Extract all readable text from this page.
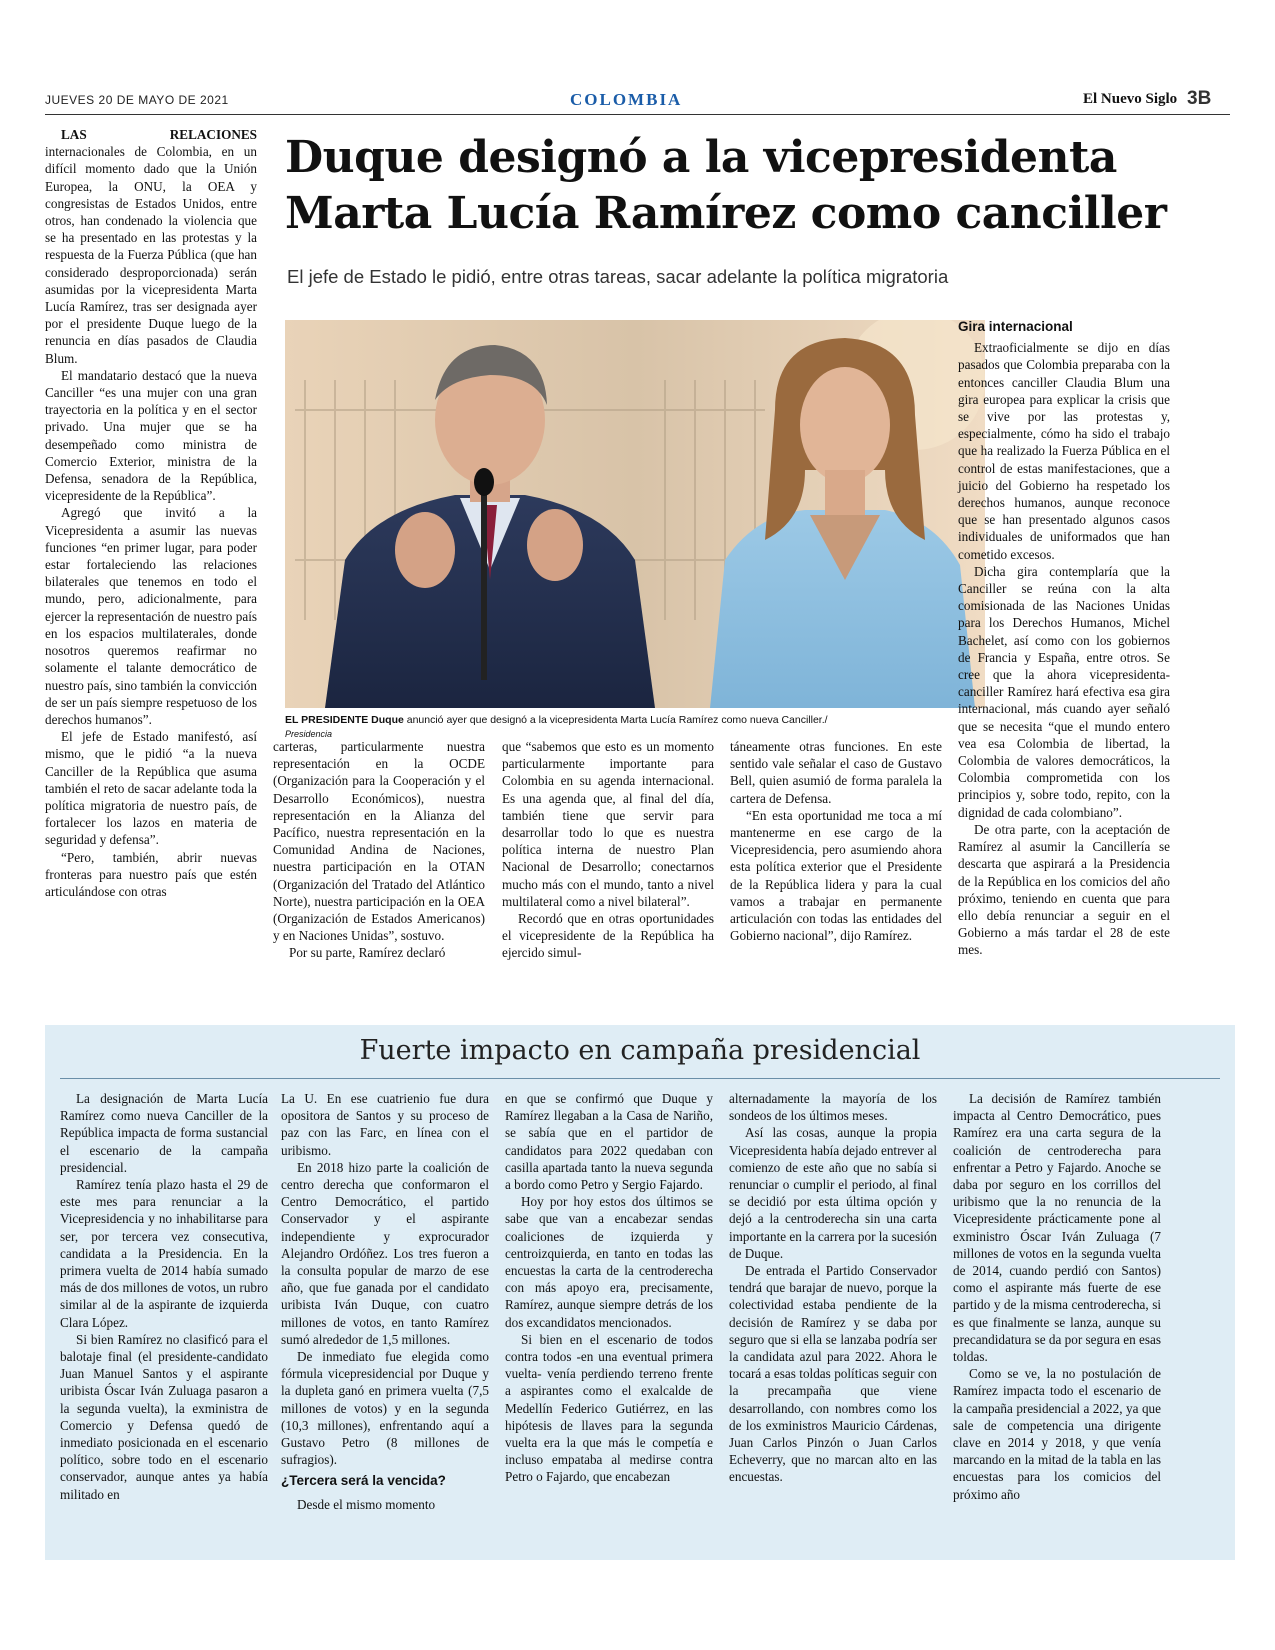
JUEVES 20 DE MAYO DE 2021	COLOMBIA	El Nuevo Siglo 3B

LAS RELACIONES internacionales de Colombia, en un difícil momento dado que la Unión Europea, la ONU, la OEA y congresistas de Estados Unidos, entre otros, han condenado la violencia que se ha presentado en las protestas y la respuesta de la Fuerza Pública (que han considerado desproporcionada) serán asumidas por la vicepresidenta Marta Lucía Ramírez, tras ser designada ayer por el presidente Duque luego de la renuncia en días pasados de Claudia Blum.

El mandatario destacó que la nueva Canciller “es una mujer con una gran trayectoria en la política y en el sector privado. Una mujer que se ha desempeñado como ministra de Comercio Exterior, ministra de la Defensa, senadora de la República, vicepresidente de la República”.

Agregó que invitó a la Vicepresidenta a asumir las nuevas funciones “en primer lugar, para poder estar fortaleciendo las relaciones bilaterales que tenemos en todo el mundo, pero, adicionalmente, para ejercer la representación de nuestro país en los espacios multilaterales, donde nosotros queremos reafirmar no solamente el talante democrático de nuestro país, sino también la convicción de ser un país siempre respetuoso de los derechos humanos”.

El jefe de Estado manifestó, así mismo, que le pidió “a la nueva Canciller de la República que asuma también el reto de sacar adelante toda la política migratoria de nuestro país, de fortalecer los lazos en materia de seguridad y defensa”.

“Pero, también, abrir nuevas fronteras para nuestro país que estén articulándose con otras

Duque designó a la vicepresidenta
Marta Lucía Ramírez como canciller
El jefe de Estado le pidió, entre otras tareas, sacar adelante la política migratoria
EL PRESIDENTE Duque anunció ayer que designó a la vicepresidenta Marta Lucía Ramírez como nueva Canciller./
Presidencia

carteras, particularmente nuestra representación en la OCDE (Organización para la Cooperación y el Desarrollo Económicos), nuestra representación en la Alianza del Pacífico, nuestra representación en la Comunidad Andina de Naciones, nuestra participación en la OTAN (Organización del Tratado del Atlántico Norte), nuestra participación en la OEA (Organización de Estados Americanos) y en Naciones Unidas”, sostuvo.

Por su parte, Ramírez declaró

que “sabemos que esto es un momento particularmente importante para Colombia en su agenda internacional. Es una agenda que, al final del día, también tiene que servir para desarrollar todo lo que es nuestra política interna de nuestro Plan Nacional de Desarrollo; conectarnos mucho más con el mundo, tanto a nivel multilateral como a nivel bilateral”.

Recordó que en otras oportunidades el vicepresidente de la República ha ejercido simul-

táneamente otras funciones. En este sentido vale señalar el caso de Gustavo Bell, quien asumió de forma paralela la cartera de Defensa.

“En esta oportunidad me toca a mí mantenerme en ese cargo de la Vicepresidencia, pero asumiendo ahora esta política exterior que el Presidente de la República lidera y para la cual vamos a trabajar en permanente articulación con todas las entidades del Gobierno nacional”, dijo Ramírez.

Gira internacional

Extraoficialmente se dijo en días pasados que Colombia preparaba con la entonces canciller Claudia Blum una gira europea para explicar la crisis que se vive por las protestas y, especialmente, cómo ha sido el trabajo que ha realizado la Fuerza Pública en el control de estas manifestaciones, que a juicio del Gobierno ha respetado los derechos humanos, aunque reconoce que se han presentado algunos casos individuales de uniformados que han cometido excesos.

Dicha gira contemplaría que la Canciller se reúna con la alta comisionada de las Naciones Unidas para los Derechos Humanos, Michel Bachelet, así como con los gobiernos de Francia y España, entre otros. Se cree que la ahora vicepresidenta-canciller Ramírez hará efectiva esa gira internacional, más cuando ayer señaló que se necesita “que el mundo entero vea esa Colombia de libertad, la Colombia de valores democráticos, la Colombia comprometida con los principios y, sobre todo, repito, con la dignidad de cada colombiano”.

De otra parte, con la aceptación de Ramírez al asumir la Cancillería se descarta que aspirará a la Presidencia de la República en los comicios del año próximo, teniendo en cuenta que para ello debía renunciar a seguir en el Gobierno a más tardar el 28 de este mes.

Fuerte impacto en campaña presidencial

La designación de Marta Lucía Ramírez como nueva Canciller de la República impacta de forma sustancial el escenario de la campaña presidencial.

Ramírez tenía plazo hasta el 29 de este mes para renunciar a la Vicepresidencia y no inhabilitarse para ser, por tercera vez consecutiva, candidata a la Presidencia. En la primera vuelta de 2014 había sumado más de dos millones de votos, un rubro similar al de la aspirante de izquierda Clara López.

Si bien Ramírez no clasificó para el balotaje final (el presidente-candidato Juan Manuel Santos y el aspirante uribista Óscar Iván Zuluaga pasaron a la segunda vuelta), la exministra de Comercio y Defensa quedó de inmediato posicionada en el escenario político, sobre todo en el escenario conservador, aunque antes ya había militado en

La U. En ese cuatrienio fue dura opositora de Santos y su proceso de paz con las Farc, en línea con el uribismo.

En 2018 hizo parte la coalición de centro derecha que conformaron el Centro Democrático, el partido Conservador y el aspirante independiente y exprocurador Alejandro Ordóñez. Los tres fueron a la consulta popular de marzo de ese año, que fue ganada por el candidato uribista Iván Duque, con cuatro millones de votos, en tanto Ramírez sumó alrededor de 1,5 millones.

De inmediato fue elegida como fórmula vicepresidencial por Duque y la dupleta ganó en primera vuelta (7,5 millones de votos) y en la segunda (10,3 millones), enfrentando aquí a Gustavo Petro (8 millones de sufragios).

¿Tercera será la vencida?

Desde el mismo momento

en que se confirmó que Duque y Ramírez llegaban a la Casa de Nariño, se sabía que en el partidor de candidatos para 2022 quedaban con casilla apartada tanto la nueva segunda a bordo como Petro y Sergio Fajardo.

Hoy por hoy estos dos últimos se sabe que van a encabezar sendas coaliciones de izquierda y centroizquierda, en tanto en todas las encuestas la carta de la centroderecha con más apoyo era, precisamente, Ramírez, aunque siempre detrás de los dos excandidatos mencionados.

Si bien en el escenario de todos contra todos -en una eventual primera vuelta- venía perdiendo terreno frente a aspirantes como el exalcalde de Medellín Federico Gutiérrez, en las hipótesis de llaves para la segunda vuelta era la que más le competía e incluso empataba al medirse contra Petro o Fajardo, que encabezan

alternadamente la mayoría de los sondeos de los últimos meses.

Así las cosas, aunque la propia Vicepresidenta había dejado entrever al comienzo de este año que no sabía si renunciar o cumplir el periodo, al final se decidió por esta última opción y dejó a la centroderecha sin una carta importante en la carrera por la sucesión de Duque.

De entrada el Partido Conservador tendrá que barajar de nuevo, porque la colectividad estaba pendiente de la decisión de Ramírez y se daba por seguro que si ella se lanzaba podría ser la candidata azul para 2022. Ahora le tocará a esas toldas políticas seguir con la precampaña que viene desarrollando, con nombres como los de los exministros Mauricio Cárdenas, Juan Carlos Pinzón o Juan Carlos Echeverry, que no marcan alto en las encuestas.

La decisión de Ramírez también impacta al Centro Democrático, pues Ramírez era una carta segura de la coalición de centroderecha para enfrentar a Petro y Fajardo. Anoche se daba por seguro en los corrillos del uribismo que la no renuncia de la Vicepresidente prácticamente pone al exministro Óscar Iván Zuluaga (7 millones de votos en la segunda vuelta de 2014, cuando perdió con Santos) como el aspirante más fuerte de ese partido y de la misma centroderecha, si es que finalmente se lanza, aunque su precandidatura se da por segura en esas toldas.

Como se ve, la no postulación de Ramírez impacta todo el escenario de la campaña presidencial a 2022, ya que sale de competencia una dirigente clave en 2014 y 2018, y que venía marcando en la mitad de la tabla en las encuestas para los comicios del próximo año
